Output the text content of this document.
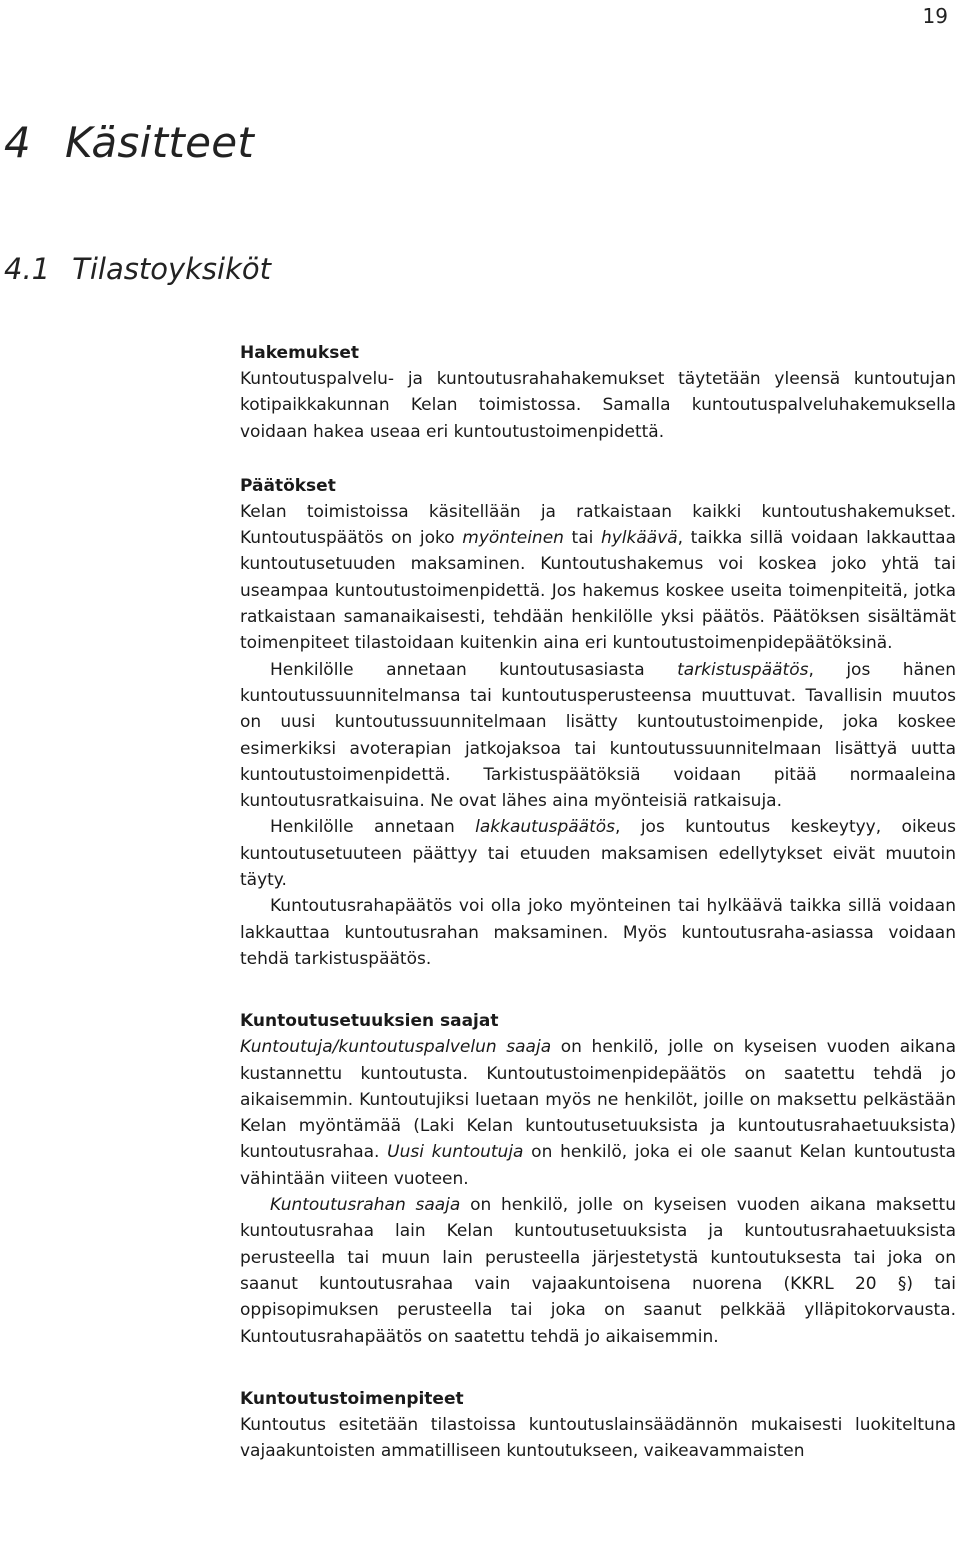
19
4 Käsitteet
4.1 Tilastoyksiköt
Hakemukset

Kuntoutuspalvelu- ja kuntoutusrahahakemukset täytetään yleensä kuntoutujan kotipaikkakunnan Kelan toimistossa. Samalla kuntoutuspalveluhakemuksella voidaan hakea useaa eri kuntoutustoimenpidettä.

Päätökset

Kelan toimistoissa käsitellään ja ratkaistaan kaikki kuntoutushakemukset. Kuntoutuspäätös on joko myönteinen tai hylkäävä, taikka sillä voidaan lakkauttaa kuntoutusetuuden maksaminen. Kuntoutushakemus voi koskea joko yhtä tai useampaa kuntoutustoimenpidettä. Jos hakemus koskee useita toimenpiteitä, jotka ratkaistaan samanaikaisesti, tehdään henkilölle yksi päätös. Päätöksen sisältämät toimenpiteet tilastoidaan kuitenkin aina eri kuntoutustoimenpidepäätöksinä.

Henkilölle annetaan kuntoutusasiasta tarkistuspäätös, jos hänen kuntoutussuunnitelmansa tai kuntoutusperusteensa muuttuvat. Tavallisin muutos on uusi kuntoutussuunnitelmaan lisätty kuntoutustoimenpide, joka koskee esimerkiksi avoterapian jatkojaksoa tai kuntoutussuunnitelmaan lisättyä uutta kuntoutustoimenpidettä. Tarkistuspäätöksiä voidaan pitää normaaleina kuntoutusratkaisuina. Ne ovat lähes aina myönteisiä ratkaisuja.

Henkilölle annetaan lakkautuspäätös, jos kuntoutus keskeytyy, oikeus kuntoutusetuuteen päättyy tai etuuden maksamisen edellytykset eivät muutoin täyty.

Kuntoutusrahapäätös voi olla joko myönteinen tai hylkäävä taikka sillä voidaan lakkauttaa kuntoutusrahan maksaminen. Myös kuntoutusraha-asiassa voidaan tehdä tarkistuspäätös.

Kuntoutusetuuksien saajat

Kuntoutuja/kuntoutuspalvelun saaja on henkilö, jolle on kyseisen vuoden aikana kustannettu kuntoutusta. Kuntoutustoimenpidepäätös on saatettu tehdä jo aikaisemmin. Kuntoutujiksi luetaan myös ne henkilöt, joille on maksettu pelkästään Kelan myöntämää (Laki Kelan kuntoutusetuuksista ja kuntoutusrahaetuuksista) kuntoutusrahaa. Uusi kuntoutuja on henkilö, joka ei ole saanut Kelan kuntoutusta vähintään viiteen vuoteen.

Kuntoutusrahan saaja on henkilö, jolle on kyseisen vuoden aikana maksettu kuntoutusrahaa lain Kelan kuntoutusetuuksista ja kuntoutusrahaetuuksista perusteella tai muun lain perusteella järjestetystä kuntoutuksesta tai joka on saanut kuntoutusrahaa vain vajaakuntoisena nuorena (KKRL 20 §) tai oppisopimuksen perusteella tai joka on saanut pelkkää ylläpitokorvausta. Kuntoutusrahapäätös on saatettu tehdä jo aikaisemmin.

Kuntoutustoimenpiteet

Kuntoutus esitetään tilastoissa kuntoutuslainsäädännön mukaisesti luokiteltuna vajaakuntoisten ammatilliseen kuntoutukseen, vaikeavammaisten
